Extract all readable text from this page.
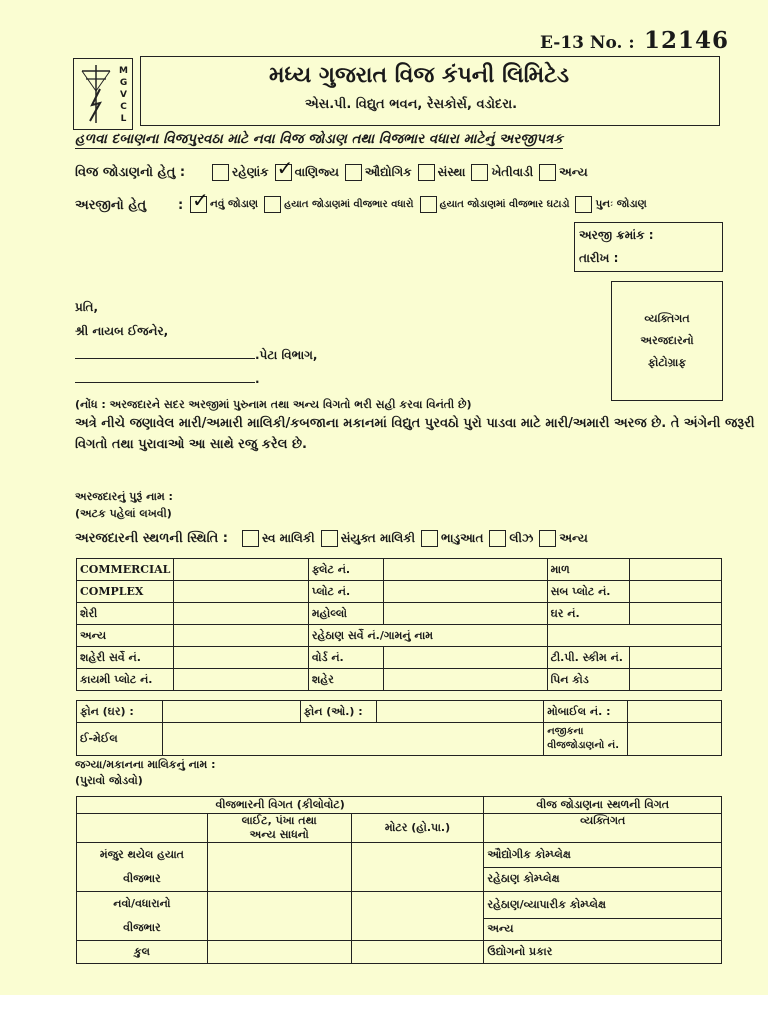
E-13 No. : 12146
M
G
V
C
L
મધ્ય ગુજરાત વિજ કંપની લિમિટેડ
એસ.પી. વિદ્યુત ભવન, રેસકોર્સ, વડોદરા.
હળવા દબાણના વિજપુરવઠા માટે નવા વિજ જોડાણ તથા વિજભાર વધારા માટેનું અરજીપત્રક
વિજ જોડાણનો હેતુ :	રહેણાંક ✓ વાણિજ્ય ઔદ્યોગિક સંસ્થા ખેતીવાડી અન્ય
અરજીનો હેતુ : ✓	નવું જોડાણ	હયાત જોડાણમાં વીજભાર વધારો	હયાત જોડાણમાં વીજભાર ઘટાડો પુનઃ જોડાણ
અરજી ક્રમાંક :
તારીખ :
પ્રતિ,
શ્રી નાયબ ઈજનેર,
.પેટા વિભાગ,
.
વ્યક્તિગત
અરજદારનો
ફોટોગ્રાફ
(નોંધ : અરજદારને સદર અરજીમાં પુરુનામ તથા અન્ય વિગતો ભરી સહી કરવા વિનંતી છે)
અત્રે નીચે જણાવેલ મારી/અમારી માલિકી/કબજાના મકાનમાં વિદ્યુત પુરવઠો પુરો પાડવા માટે મારી/અમારી અરજ છે. તે અંગેની જરૂરી
વિગતો તથા પુરાવાઓ આ સાથે રજુ કરેલ છે.
અરજદારનું પુરૂં નામ :
(અટક પહેલાં લખવી)
અરજદારની સ્થળની સ્થિતિ :	સ્વ માલિકી સંયુક્ત માલિકી ભાડુઆત લીઝ અન્ય
COMMERCIAL		ફ્લેટ નં.		માળ	
COMPLEX		પ્લોટ નં.		સબ પ્લોટ નં.	
શેરી		મહોલ્લો		ઘર નં.	
અન્ય		રહેઠાણ સર્વે નં./ગામનું નામ			
શહેરી સર્વે નં.		વોર્ડ નં.		ટી.પી. સ્કીમ નં.	
કાયમી પ્લોટ નં.		શહેર		પિન કોડ	
ફોન (ઘર) :		ફોન (ઓ.) :		મોબાઈલ નં. :	
ઈ-મેઈલ				નજીકના
વીજજોડાણનો નં.	

જગ્યા/મકાનના માલિકનું નામ :
(પુરાવો જોડવો)
વીજભારની વિગત (કીલોવોટ)			વીજ જોડાણના સ્થળની વિગત

	લાઈટ, પંખા તથા
અન્ય સાધનો	મોટર (હો.પા.)	વ્યક્તિગત

મંજુર થયેલ હયાત
વીજભાર			ઔદ્યોગીક કોમ્પ્લેક્ષ
			રહેઠાણ કોમ્પ્લેક્ષ

નવો/વધારાનો
વીજભાર			રહેઠાણ/વ્યાપારીક કોમ્પ્લેક્ષ
			અન્ય
કુલ			ઉદ્યોગનો પ્રકાર
